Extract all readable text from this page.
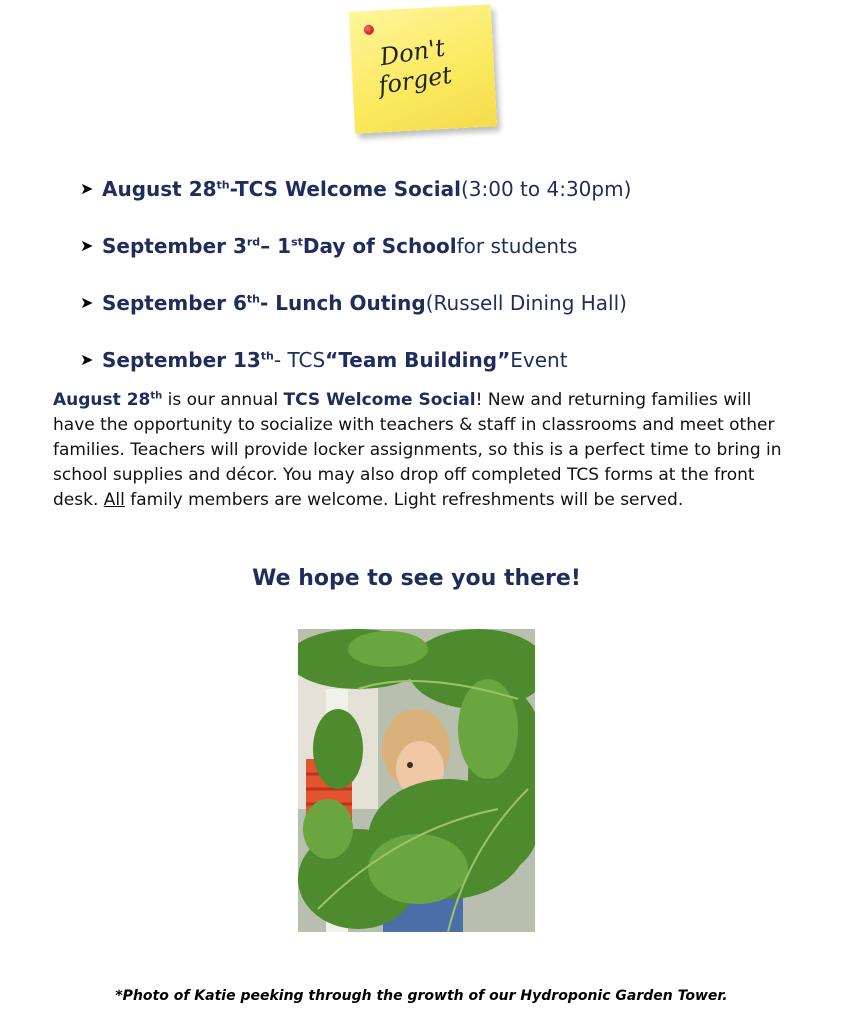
Don't
forget
➤ August 28 $^{th}$ -TCS Welcome Social (3:00 to 4:30pm)
➤ September 3 $^{rd}$ – 1 $^{st}$ Day of School for students
➤ September 6 $^{th}$ - Lunch Outing (Russell Dining Hall)
➤ September 13 $^{th}$ - TCS “Team Building” Event
August 28th is our annual TCS Welcome Social! New and returning families will have the opportunity to socialize with teachers & staff in classrooms and meet other families. Teachers will provide locker assignments, so this is a perfect time to bring in school supplies and décor. You may also drop off completed TCS forms at the front desk. All family members are welcome. Light refreshments will be served.
We hope to see you there!
*Photo of Katie peeking through the growth of our Hydroponic Garden Tower.
